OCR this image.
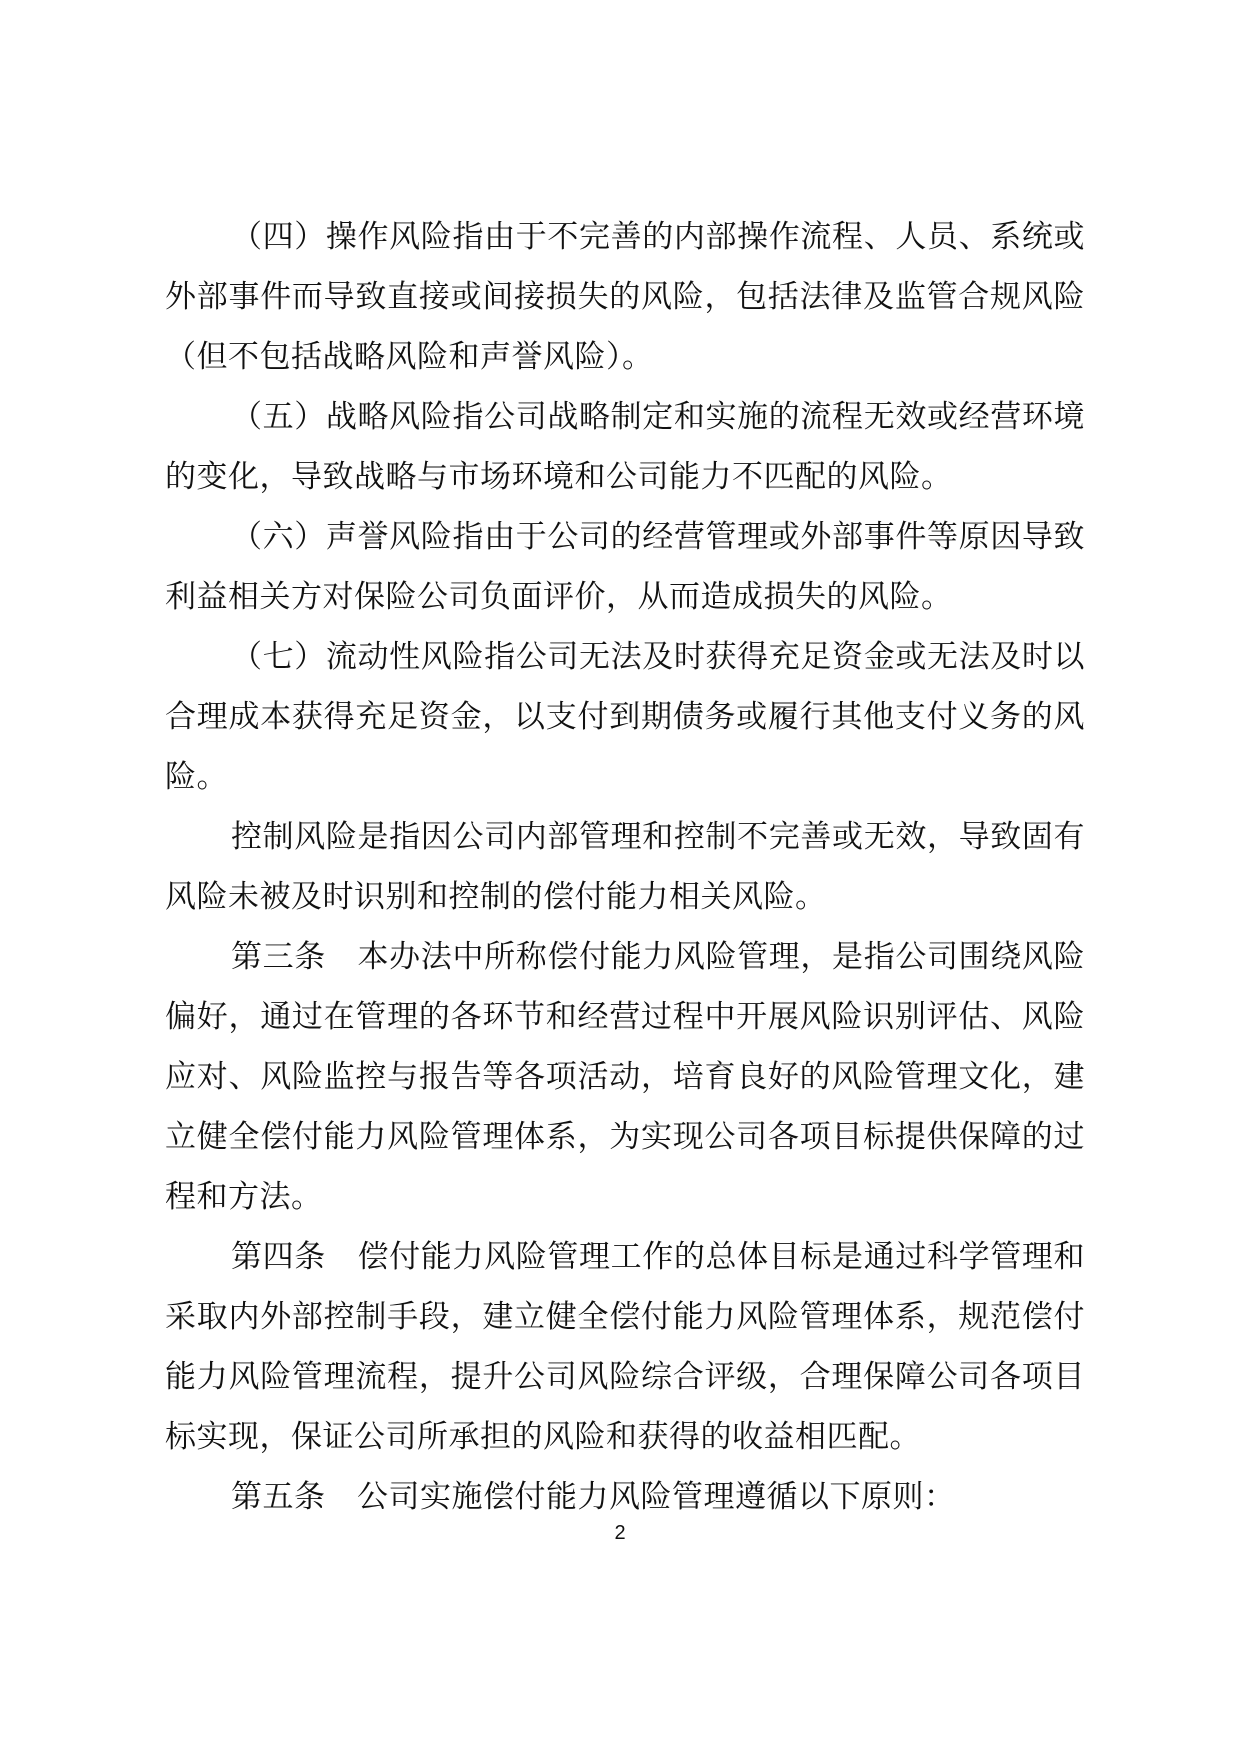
（四）操作风险指由于不完善的内部操作流程、人员、系统或外部事件而导致直接或间接损失的风险，包括法律及监管合规风险（但不包括战略风险和声誉风险）。

（五）战略风险指公司战略制定和实施的流程无效或经营环境的变化，导致战略与市场环境和公司能力不匹配的风险。

（六）声誉风险指由于公司的经营管理或外部事件等原因导致利益相关方对保险公司负面评价，从而造成损失的风险。

（七）流动性风险指公司无法及时获得充足资金或无法及时以合理成本获得充足资金，以支付到期债务或履行其他支付义务的风险。

控制风险是指因公司内部管理和控制不完善或无效，导致固有风险未被及时识别和控制的偿付能力相关风险。

第三条　本办法中所称偿付能力风险管理，是指公司围绕风险偏好，通过在管理的各环节和经营过程中开展风险识别评估、风险应对、风险监控与报告等各项活动，培育良好的风险管理文化，建立健全偿付能力风险管理体系，为实现公司各项目标提供保障的过程和方法。

第四条　偿付能力风险管理工作的总体目标是通过科学管理和采取内外部控制手段，建立健全偿付能力风险管理体系，规范偿付能力风险管理流程，提升公司风险综合评级，合理保障公司各项目标实现，保证公司所承担的风险和获得的收益相匹配。

第五条　公司实施偿付能力风险管理遵循以下原则：

2
